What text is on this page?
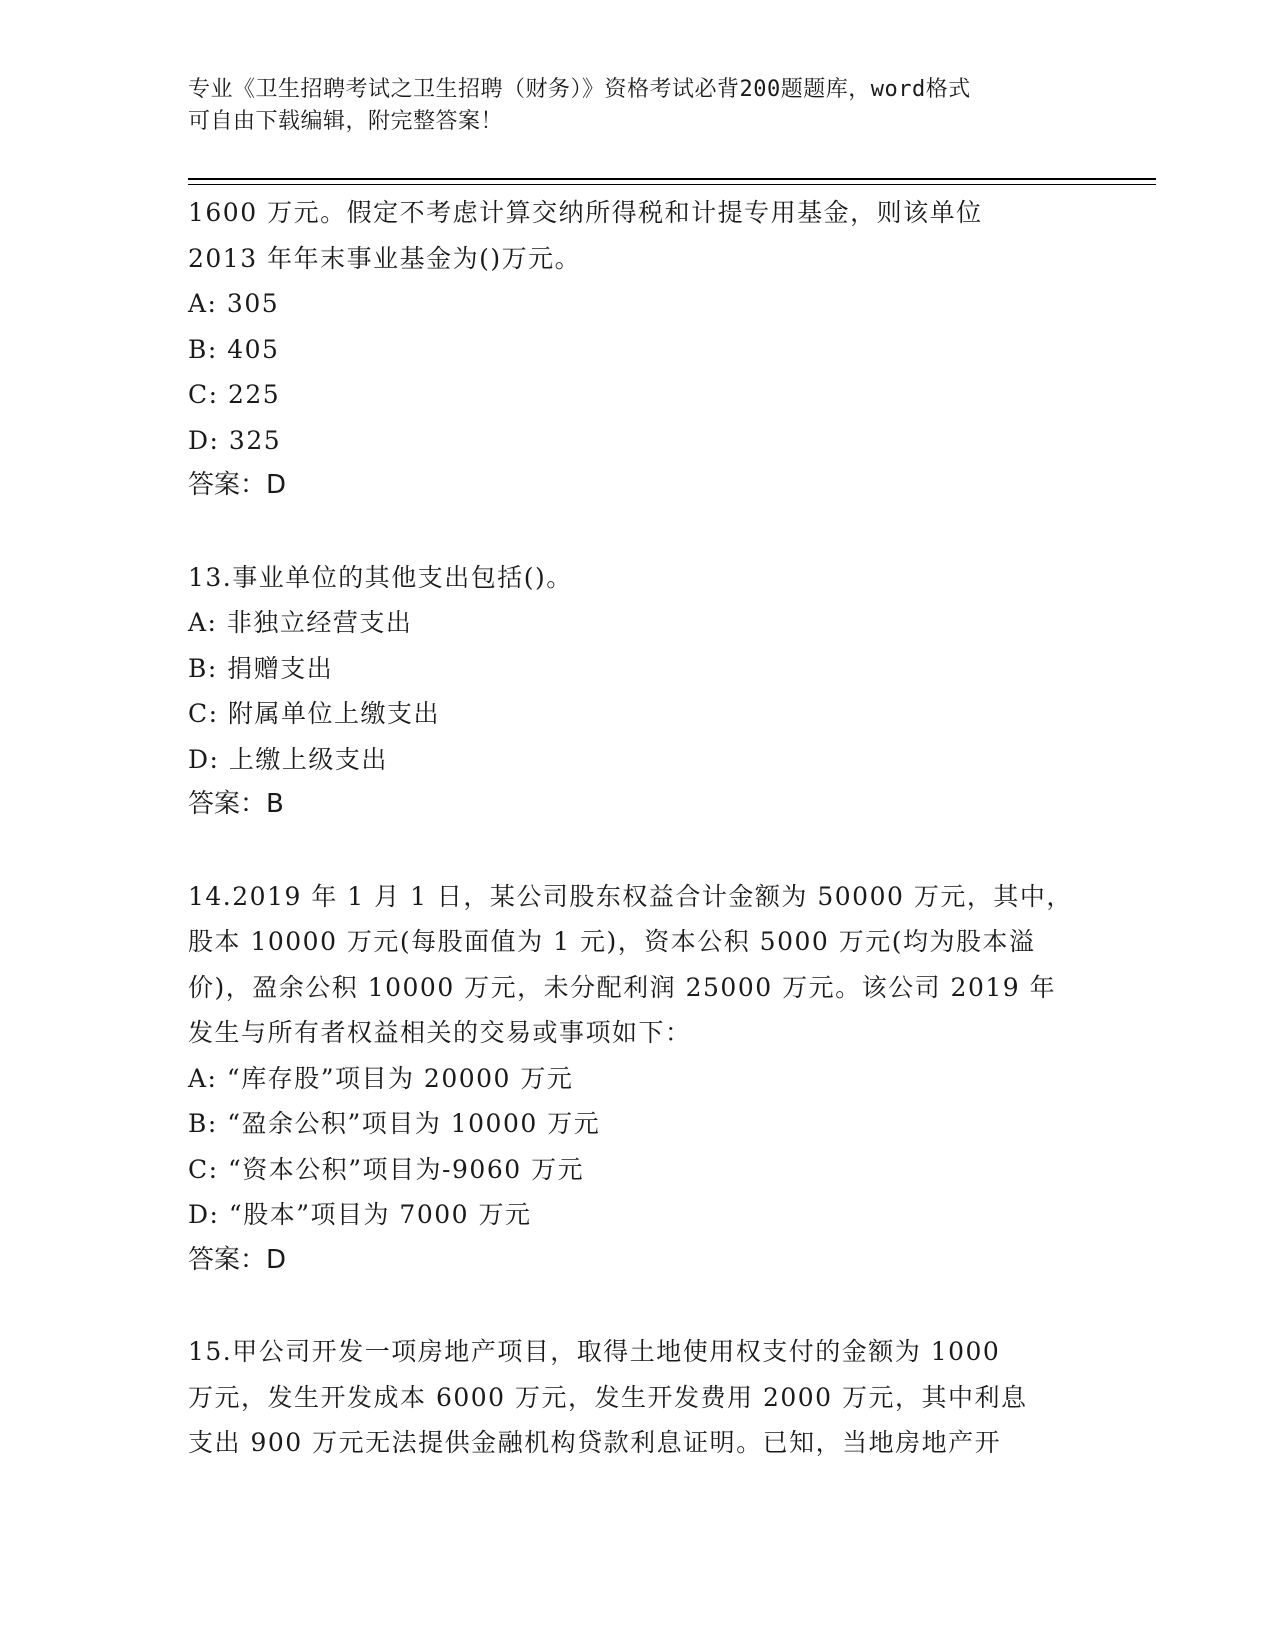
专业《卫生招聘考试之卫生招聘（财务）》资格考试必背200题题库，word格式
可自由下载编辑，附完整答案！
1600 万元。假定不考虑计算交纳所得税和计提专用基金，则该单位
2013 年年末事业基金为()万元。
A: 305
B: 405
C: 225
D: 325
答案：D
13.事业单位的其他支出包括()。
A: 非独立经营支出
B: 捐赠支出
C: 附属单位上缴支出
D: 上缴上级支出
答案：B
14.2019 年 1 月 1 日，某公司股东权益合计金额为 50000 万元，其中，
股本 10000 万元(每股面值为 1 元)，资本公积 5000 万元(均为股本溢
价)，盈余公积 10000 万元，未分配利润 25000 万元。该公司 2019 年
发生与所有者权益相关的交易或事项如下：
A: “库存股”项目为 20000 万元
B: “盈余公积”项目为 10000 万元
C: “资本公积”项目为-9060 万元
D: “股本”项目为 7000 万元
答案：D
15.甲公司开发一项房地产项目，取得土地使用权支付的金额为 1000
万元，发生开发成本 6000 万元，发生开发费用 2000 万元，其中利息
支出 900 万元无法提供金融机构贷款利息证明。已知，当地房地产开
